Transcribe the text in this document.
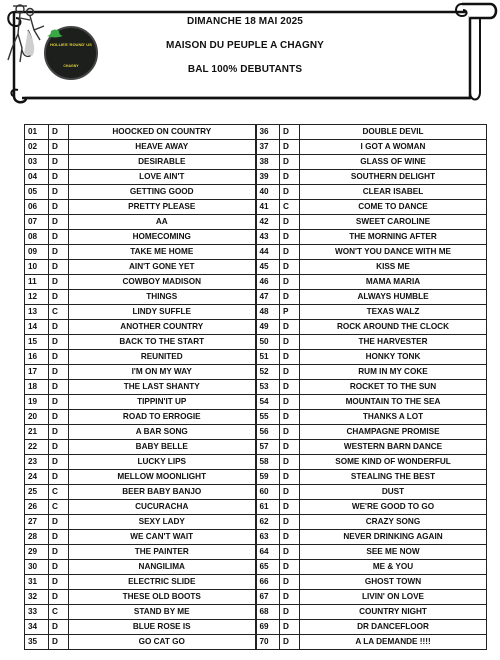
HOLLIES' ROUND' US
CHAGNY
DIMANCHE 18 MAI 2025
MAISON DU PEUPLE A CHAGNY
BAL 100% DEBUTANTS
01	D	HOOCKED ON COUNTRY	36	D	DOUBLE DEVIL
02	D	HEAVE AWAY	37	D	I GOT A WOMAN
03	D	DESIRABLE	38	D	GLASS OF WINE
04	D	LOVE AIN'T	39	D	SOUTHERN DELIGHT
05	D	GETTING GOOD	40	D	CLEAR ISABEL
06	D	PRETTY PLEASE	41	C	COME TO DANCE
07	D	AA	42	D	SWEET CAROLINE
08	D	HOMECOMING	43	D	THE MORNING AFTER
09	D	TAKE ME HOME	44	D	WON'T YOU DANCE WITH ME
10	D	AIN'T GONE YET	45	D	KISS ME
11	D	COWBOY MADISON	46	D	MAMA MARIA
12	D	THINGS	47	D	ALWAYS HUMBLE
13	C	LINDY SUFFLE	48	P	TEXAS WALZ
14	D	ANOTHER COUNTRY	49	D	ROCK AROUND THE CLOCK
15	D	BACK TO THE START	50	D	THE HARVESTER
16	D	REUNITED	51	D	HONKY TONK
17	D	I'M ON MY WAY	52	D	RUM IN MY COKE
18	D	THE LAST SHANTY	53	D	ROCKET TO THE SUN
19	D	TIPPIN'IT UP	54	D	MOUNTAIN TO THE SEA
20	D	ROAD TO ERROGIE	55	D	THANKS A LOT
21	D	A BAR SONG	56	D	CHAMPAGNE PROMISE
22	D	BABY BELLE	57	D	WESTERN BARN DANCE
23	D	LUCKY LIPS	58	D	SOME KIND OF WONDERFUL
24	D	MELLOW MOONLIGHT	59	D	STEALING THE BEST
25	C	BEER BABY BANJO	60	D	DUST
26	C	CUCURACHA	61	D	WE'RE GOOD TO GO
27	D	SEXY LADY	62	D	CRAZY SONG
28	D	WE CAN'T WAIT	63	D	NEVER DRINKING AGAIN
29	D	THE PAINTER	64	D	SEE ME NOW
30	D	NANGILIMA	65	D	ME & YOU
31	D	ELECTRIC SLIDE	66	D	GHOST TOWN
32	D	THESE OLD BOOTS	67	D	LIVIN' ON LOVE
33	C	STAND BY ME	68	D	COUNTRY NIGHT
34	D	BLUE ROSE IS	69	D	DR DANCEFLOOR
35	D	GO CAT GO	70	D	A LA DEMANDE !!!!
